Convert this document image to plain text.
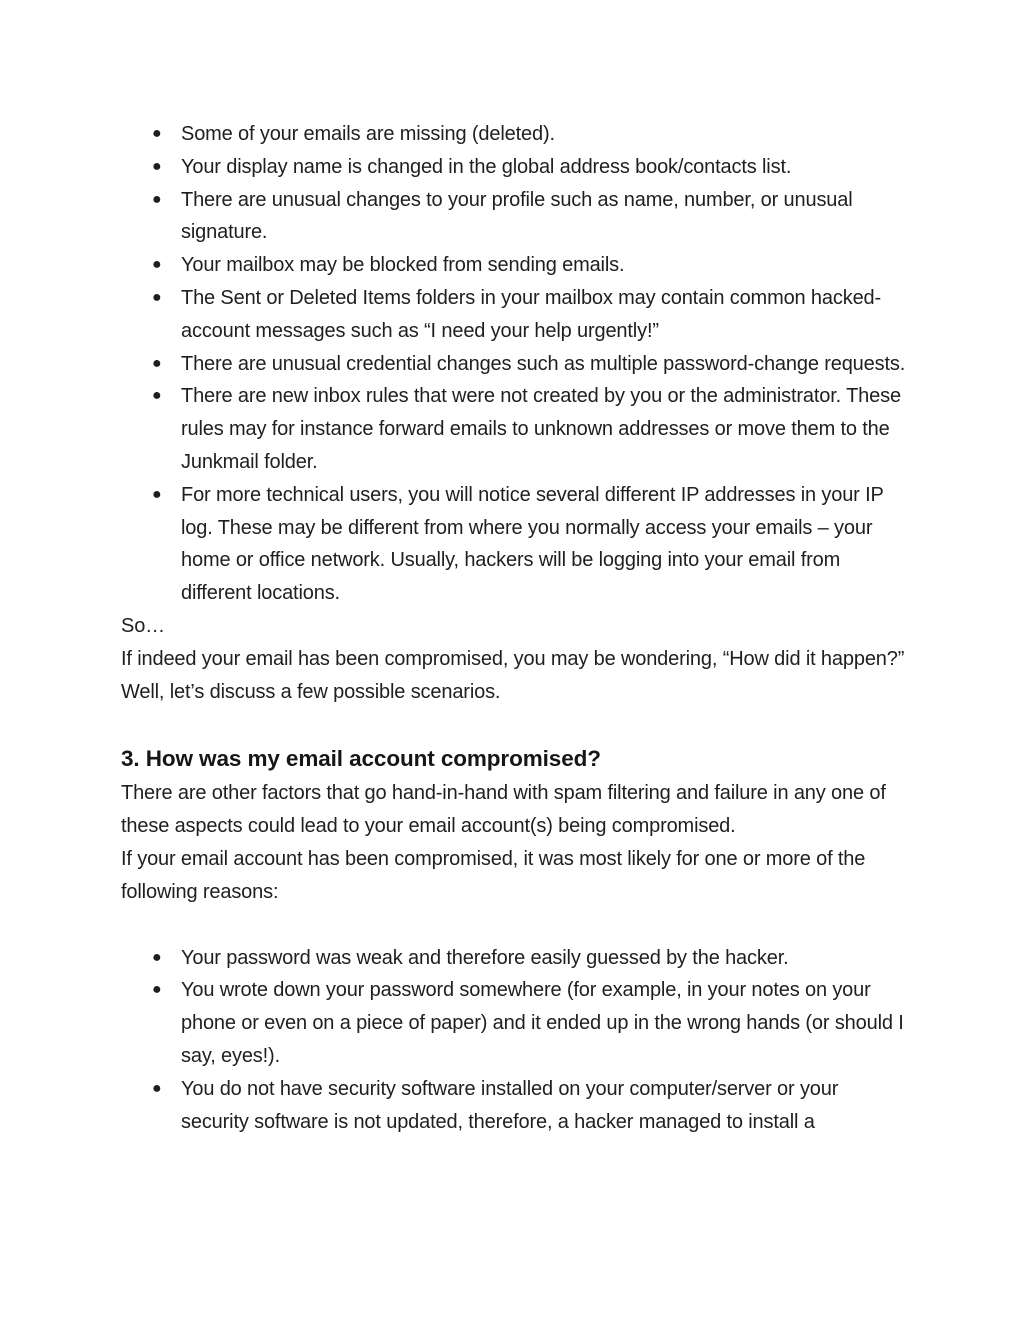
● Some of your emails are missing (deleted).
● Your display name is changed in the global address book/contacts list.
● There are unusual changes to your profile such as name, number, or unusual signature.
● Your mailbox may be blocked from sending emails.
● The Sent or Deleted Items folders in your mailbox may contain common hacked-account messages such as “I need your help urgently!”
● There are unusual credential changes such as multiple password-change requests.
● There are new inbox rules that were not created by you or the administrator. These rules may for instance forward emails to unknown addresses or move them to the Junkmail folder.
● For more technical users, you will notice several different IP addresses in your IP log. These may be different from where you normally access your emails – your home or office network. Usually, hackers will be logging into your email from different locations.

So…

If indeed your email has been compromised, you may be wondering, “How did it happen?” Well, let’s discuss a few possible scenarios.

3. How was my email account compromised?

There are other factors that go hand-in-hand with spam filtering and failure in any one of these aspects could lead to your email account(s) being compromised.

If your email account has been compromised, it was most likely for one or more of the following reasons:

● Your password was weak and therefore easily guessed by the hacker.
● You wrote down your password somewhere (for example, in your notes on your phone or even on a piece of paper) and it ended up in the wrong hands (or should I say, eyes!).
● You do not have security software installed on your computer/server or your security software is not updated, therefore, a hacker managed to install a
